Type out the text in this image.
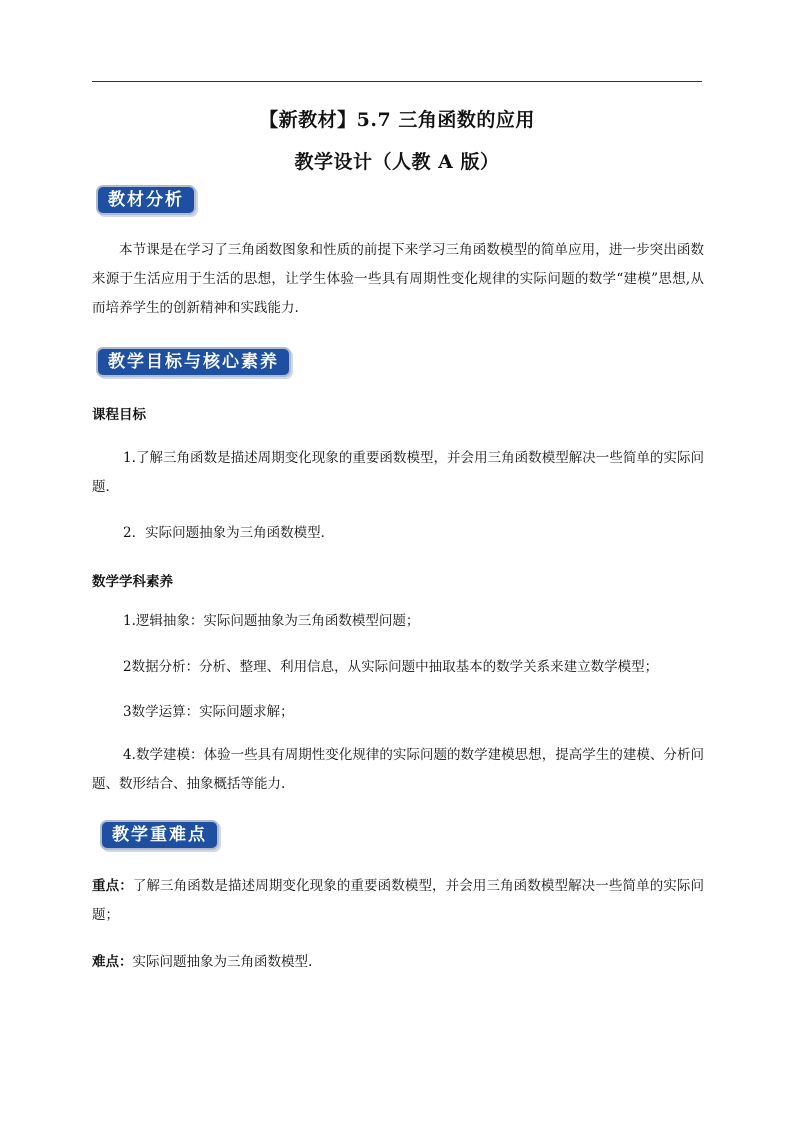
【新教材】5.7 三角函数的应用
教学设计（人教 A 版）
教材分析

本节课是在学习了三角函数图象和性质的前提下来学习三角函数模型的简单应用，进一步突出函数来源于生活应用于生活的思想，让学生体验一些具有周期性变化规律的实际问题的数学“建模”思想,从而培养学生的创新精神和实践能力.

教学目标与核心素养
课程目标

1.了解三角函数是描述周期变化现象的重要函数模型，并会用三角函数模型解决一些简单的实际问题．

2．实际问题抽象为三角函数模型．

数学学科素养

1.逻辑抽象：实际问题抽象为三角函数模型问题；

2数据分析：分析、整理、利用信息，从实际问题中抽取基本的数学关系来建立数学模型；

3数学运算：实际问题求解；

4.数学建模：体验一些具有周期性变化规律的实际问题的数学建模思想，提高学生的建模、分析问题、数形结合、抽象概括等能力.

教学重难点

重点：了解三角函数是描述周期变化现象的重要函数模型，并会用三角函数模型解决一些简单的实际问题；

难点：实际问题抽象为三角函数模型.
